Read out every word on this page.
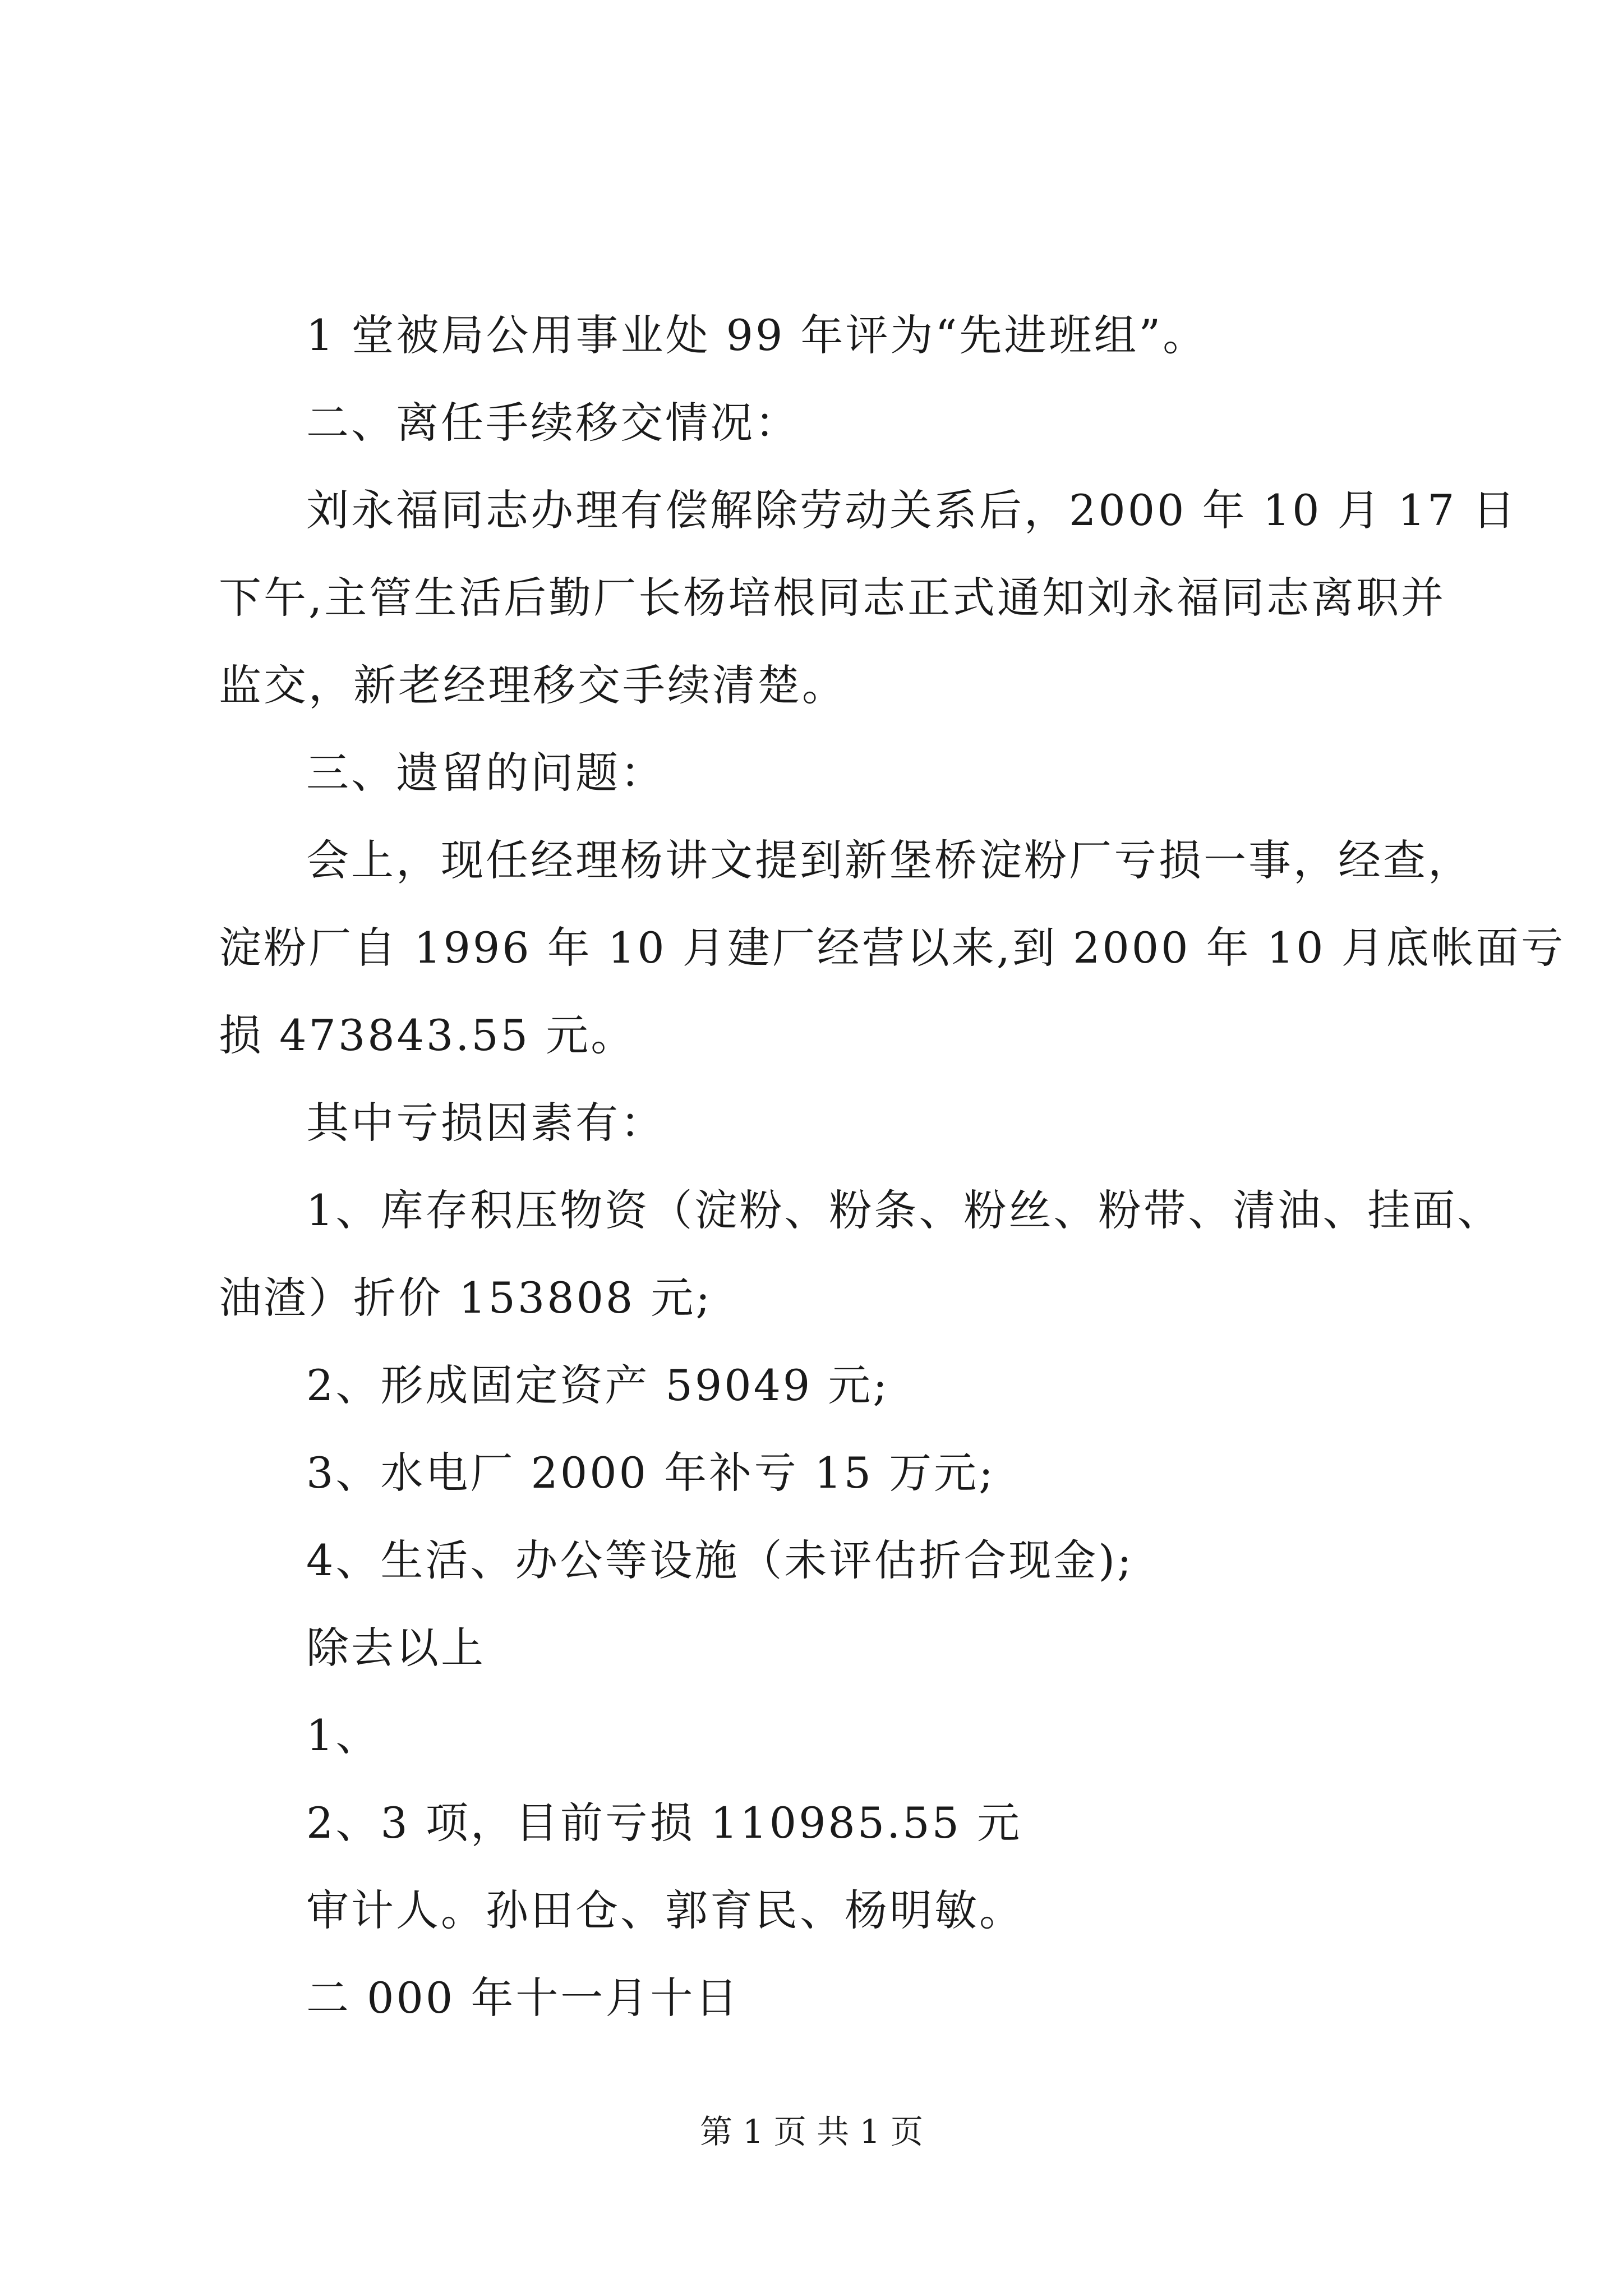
1 堂被局公用事业处 99 年评为“先进班组”。
二、离任手续移交情况：
刘永福同志办理有偿解除劳动关系后，2000 年 10 月 17 日
下午,主管生活后勤厂长杨培根同志正式通知刘永福同志离职并
监交，新老经理移交手续清楚。
三、遗留的问题：
会上，现任经理杨讲文提到新堡桥淀粉厂亏损一事，经查，
淀粉厂自 1996 年 10 月建厂经营以来,到 2000 年 10 月底帐面亏
损 473843.55 元。
其中亏损因素有：
1、库存积压物资（淀粉、粉条、粉丝、粉带、清油、挂面、
油渣）折价 153808 元;
2、形成固定资产 59049 元;
3、水电厂 2000 年补亏 15 万元;
4、生活、办公等设施（未评估折合现金);
除去以上
1、
2、3 项，目前亏损 110985.55 元
审计人。孙田仓、郭育民、杨明敏。
二 000 年十一月十日
第 1 页 共 1 页
